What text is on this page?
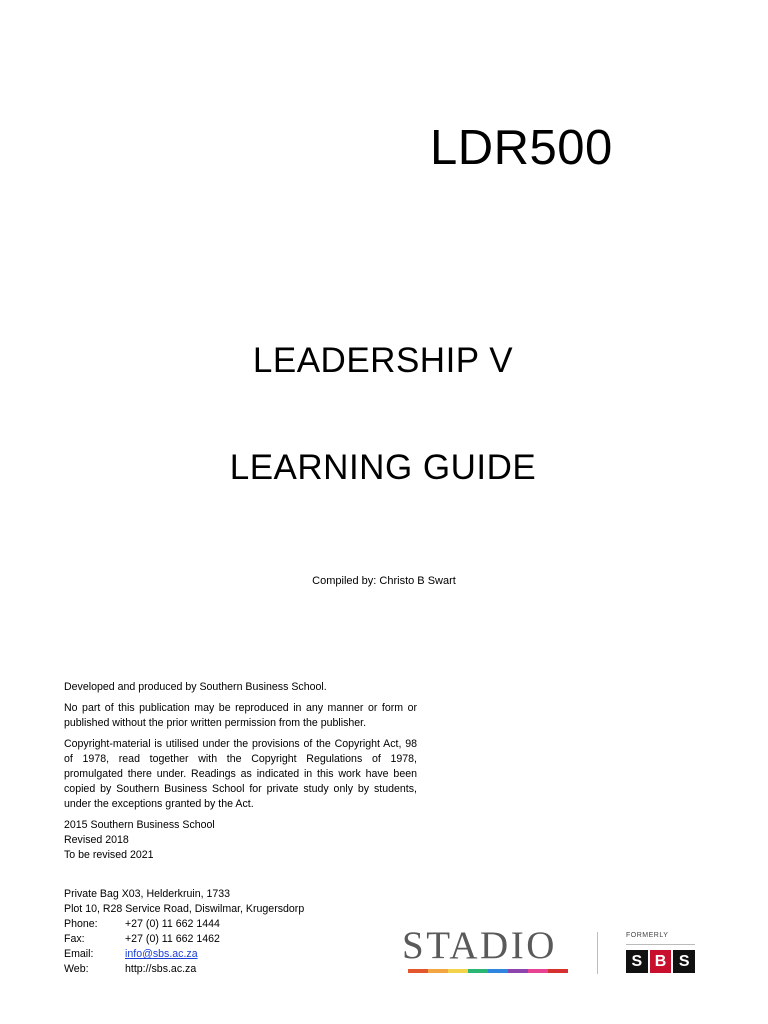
LDR500
LEADERSHIP V
LEARNING GUIDE
Compiled by: Christo B Swart

Developed and produced by Southern Business School.

No part of this publication may be reproduced in any manner or form or published without the prior written permission from the publisher.

Copyright-material is utilised under the provisions of the Copyright Act, 98 of 1978, read together with the Copyright Regulations of 1978, promulgated there under. Readings as indicated in this work have been copied by Southern Business School for private study only by students, under the exceptions granted by the Act.

2015 Southern Business School

Revised 2018

To be revised 2021

Private Bag X03, Helderkruin, 1733
Plot 10, R28 Service Road, Diswilmar, Krugersdorp
Phone:	+27 (0) 11 662 1444
Fax:	+27 (0) 11 662 1462
Email:	info@sbs.ac.za
Web:	http://sbs.ac.za
STADIO	FORMERLY
S B S
